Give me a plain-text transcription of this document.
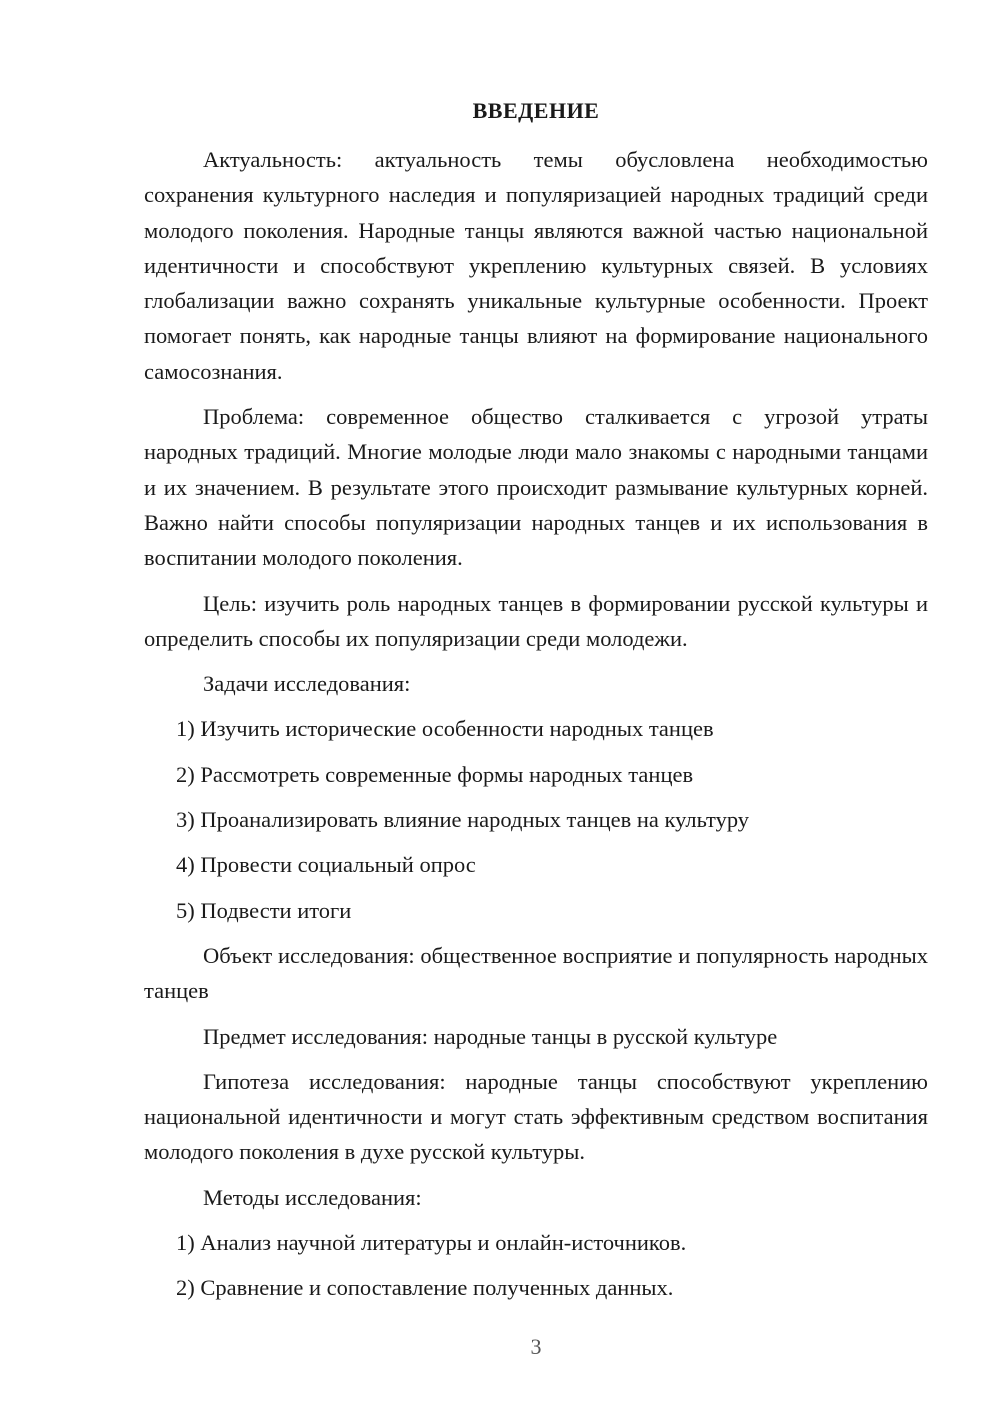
ВВЕДЕНИЕ

Актуальность: актуальность темы обусловлена необходимостью сохранения культурного наследия и популяризацией народных традиций среди молодого поколения. Народные танцы являются важной частью национальной идентичности и способствуют укреплению культурных связей. В условиях глобализации важно сохранять уникальные культурные особенности. Проект помогает понять, как народные танцы влияют на формирование национального самосознания.

Проблема: современное общество сталкивается с угрозой утраты народных традиций. Многие молодые люди мало знакомы с народными танцами и их значением. В результате этого происходит размывание культурных корней. Важно найти способы популяризации народных танцев и их использования в воспитании молодого поколения.

Цель: изучить роль народных танцев в формировании русской культуры и определить способы их популяризации среди молодежи.

Задачи исследования:

1) Изучить исторические особенности народных танцев

2) Рассмотреть современные формы народных танцев

3) Проанализировать влияние народных танцев на культуру

4) Провести социальный опрос

5) Подвести итоги

Объект исследования: общественное восприятие и популярность народных танцев

Предмет исследования: народные танцы в русской культуре

Гипотеза исследования: народные танцы способствуют укреплению национальной идентичности и могут стать эффективным средством воспитания молодого поколения в духе русской культуры.

Методы исследования:

1) Анализ научной литературы и онлайн-источников.

2) Сравнение и сопоставление полученных данных.

3
